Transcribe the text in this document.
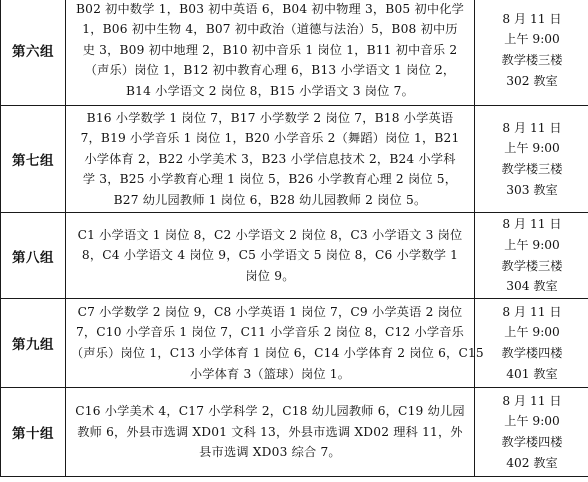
第六组	B02 初中数学 1，B03 初中英语 6，B04 初中物理 3，B05 初中化学
1，B06 初中生物 4，B07 初中政治（道德与法治）5，B08 初中历
史 3，B09 初中地理 2，B10 初中音乐 1 岗位 1，B11 初中音乐 2
（声乐）岗位 1，B12 初中教育心理 6，B13 小学语文 1 岗位 2，
B14 小学语文 2 岗位 8，B15 小学语文 3 岗位 7。	8 月 11 日
上午 9:00
教学楼三楼
302 教室

第七组	B16 小学数学 1 岗位 7，B17 小学数学 2 岗位 7，B18 小学英语
7，B19 小学音乐 1 岗位 1，B20 小学音乐 2（舞蹈）岗位 1，B21
小学体育 2，B22 小学美术 3，B23 小学信息技术 2，B24 小学科
学 3，B25 小学教育心理 1 岗位 5，B26 小学教育心理 2 岗位 5，
B27 幼儿园教师 1 岗位 6，B28 幼儿园教师 2 岗位 5。	8 月 11 日
上午 9:00
教学楼三楼
303 教室

第八组	C1 小学语文 1 岗位 8，C2 小学语文 2 岗位 8，C3 小学语文 3 岗位
8，C4 小学语文 4 岗位 9，C5 小学语文 5 岗位 8，C6 小学数学 1
岗位 9。	8 月 11 日
上午 9:00
教学楼三楼
304 教室

第九组	C7 小学数学 2 岗位 9，C8 小学英语 1 岗位 7，C9 小学英语 2 岗位
7，C10 小学音乐 1 岗位 7，C11 小学音乐 2 岗位 8，C12 小学音乐
（声乐）岗位 1，C13 小学体育 1 岗位 6，C14 小学体育 2 岗位 6，C15
小学体育 3（篮球）岗位 1。	8 月 11 日
上午 9:00
教学楼四楼
401 教室

第十组	C16 小学美术 4，C17 小学科学 2，C18 幼儿园教师 6，C19 幼儿园
教师 6，外县市选调 XD01 文科 13，外县市选调 XD02 理科 11，外
县市选调 XD03 综合 7。	8 月 11 日
上午 9:00
教学楼四楼
402 教室
